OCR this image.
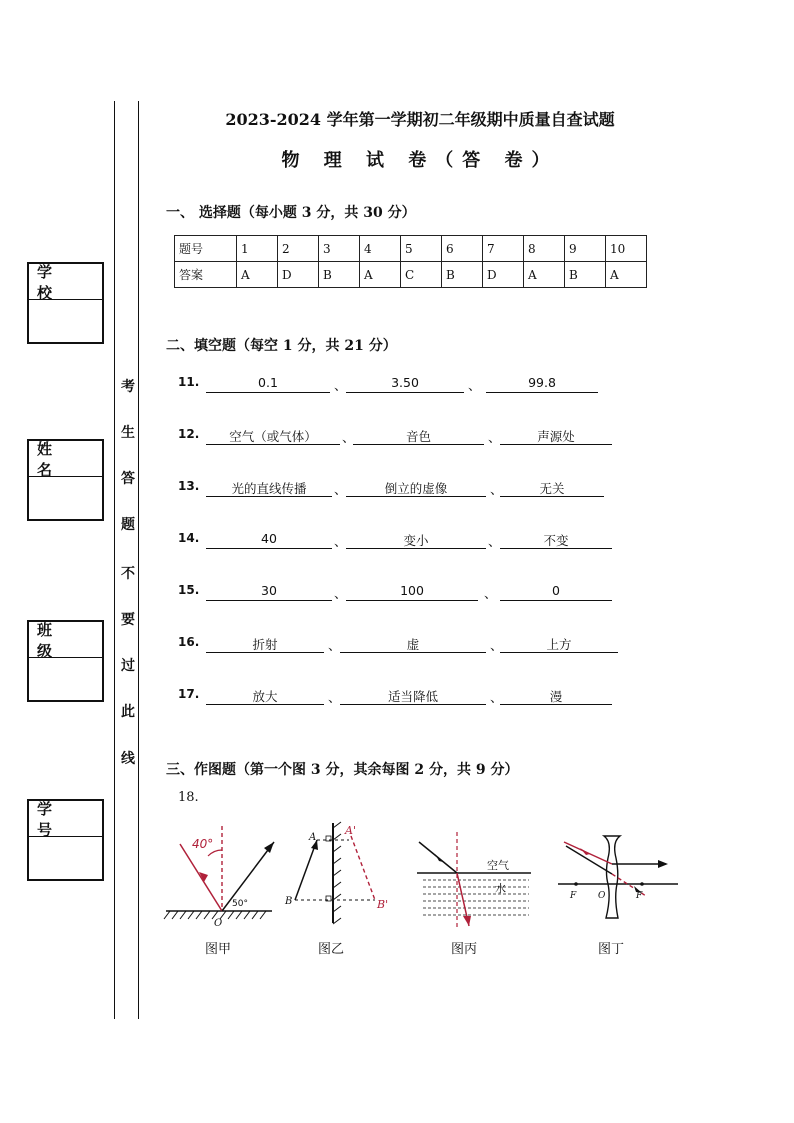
学 校
姓 名
班 级
学 号
考
生
答
题
不
要
过
此
线
2023-2024 学年第一学期初二年级期中质量自查试题
物 理 试 卷（答 卷）
一、 选择题（每小题 3 分，共 30 分）
题号	1	2	3	4	5	6	7	8	9	10
答案	A	D	B	A	C	B	D	A	B	A
二、填空题（每空 1 分，共 21 分）
11.	0.1	、	3.50	、	99.8
12.	空气（或气体）	、	音色	、	声源处
13.	光的直线传播	、	倒立的虚像	、	无关
14.	40	、	变小	、	不变
15.	30	、	100	、	0
16.	折射	、	虚	、	上方
17.	放大	、	适当降低	、	漫
三、作图题（第一个图 3 分，其余每图 2 分，共 9 分）
18.
40°
50°
O
图甲
A
B
A'
B'
图乙
空气
水
图丙
F	F
O
图丁
